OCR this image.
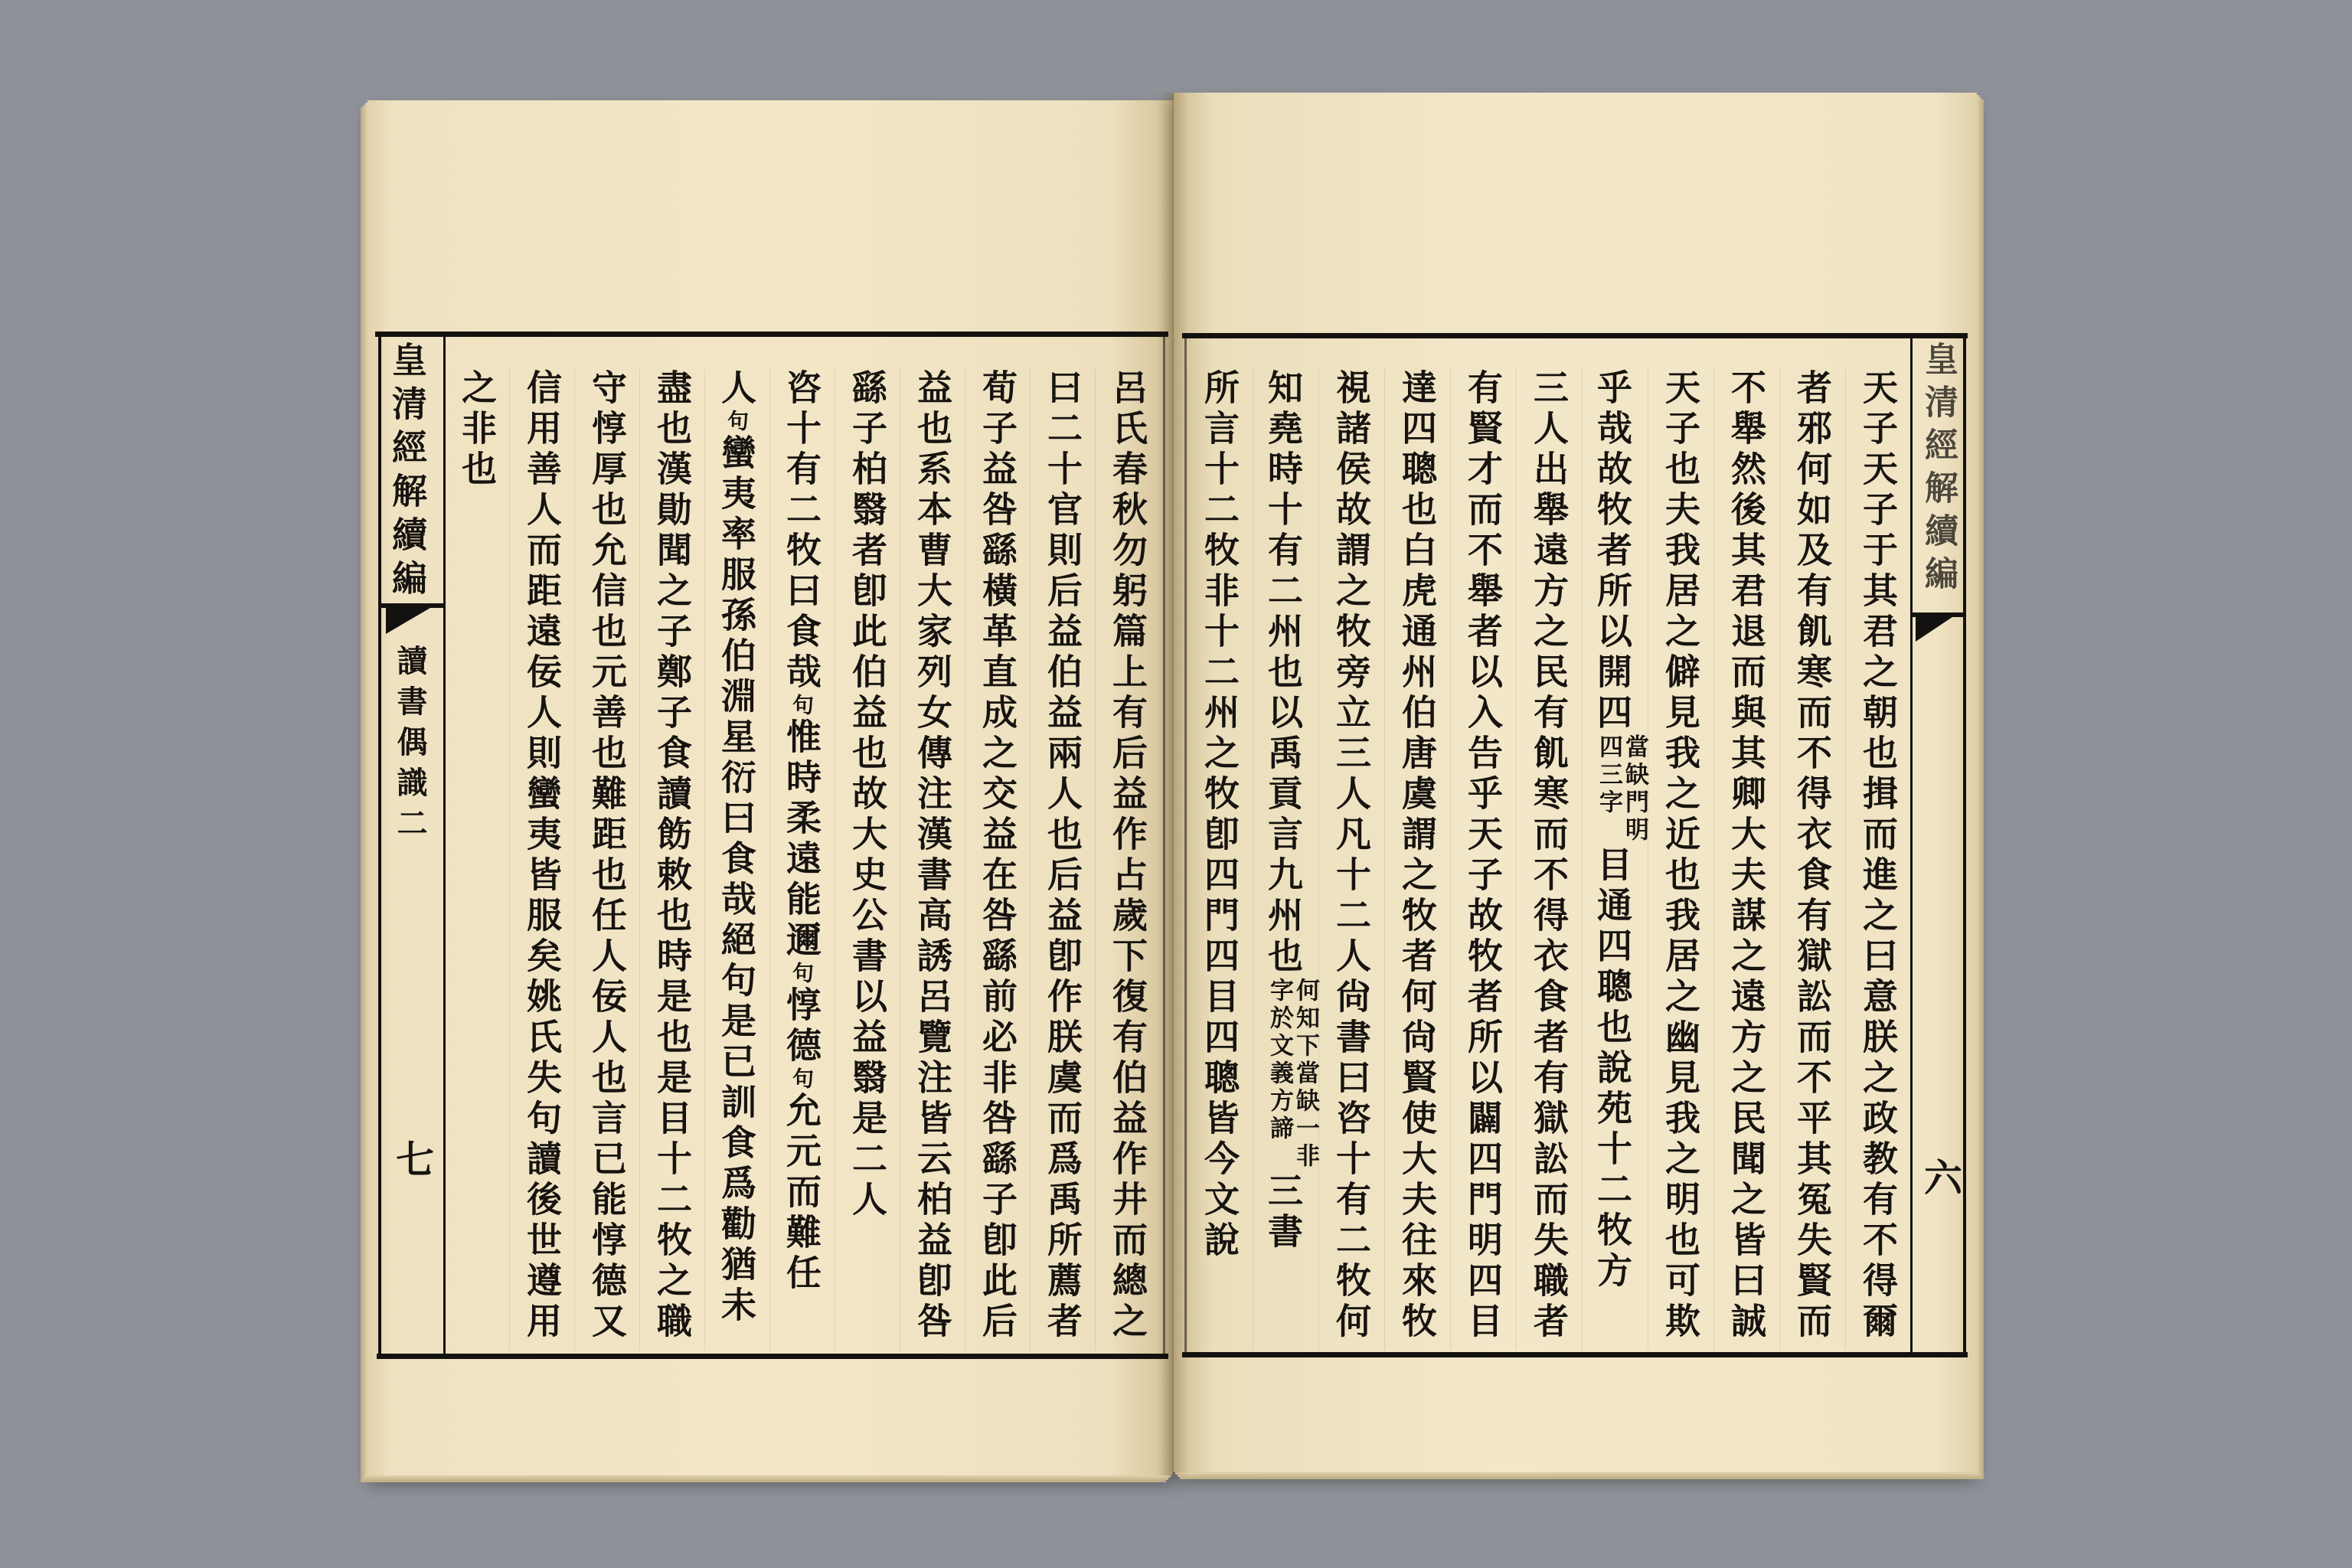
皇清經解續編
讀書偶識二
七
皇清經解續編
六
呂氏春秋勿躬篇上有后益作占歲下復有伯益作井而總之
曰二十官則后益伯益兩人也后益卽作朕虞而爲禹所薦者
荀子益咎繇橫革直成之交益在咎繇前必非咎繇子卽此后
益也系本曹大家列女傳注漢書高誘呂覽注皆云柏益卽咎
繇子柏翳者卽此伯益也故大史公書以益翳是二人
咨十有二牧曰食哉句惟時柔遠能邇句惇德句允元而難任
人句蠻夷率服孫伯淵星衍曰食哉絕句是已訓食爲勸猶未
盡也漢勛聞之子鄭子食讀飭敕也時是也是目十二牧之職
守惇厚也允信也元善也難距也任人佞人也言已能惇德又
信用善人而距遠佞人則蠻夷皆服矣姚氏失句讀後世遵用
之非也	天子天子于其君之朝也揖而進之曰意朕之政教有不得爾
者邪何如及有飢寒而不得衣食有獄訟而不平其冤失賢而
不舉然後其君退而與其卿大夫謀之遠方之民聞之皆曰誠
天子也夫我居之僻見我之近也我居之幽見我之明也可欺
乎哉故牧者所以開四當缺門明四三字目通四聰也說苑十二牧方
三人出舉遠方之民有飢寒而不得衣食者有獄訟而失職者
有賢才而不舉者以入告乎天子故牧者所以闢四門明四目
達四聰也白虎通州伯唐虞謂之牧者何尙賢使大夫往來牧
視諸侯故謂之牧旁立三人凡十二人尙書曰咨十有二牧何
知堯時十有二州也以禹貢言九州也何知下當缺一非字於文義方諦三書
所言十二牧非十二州之牧卽四門四目四聰皆今文說
